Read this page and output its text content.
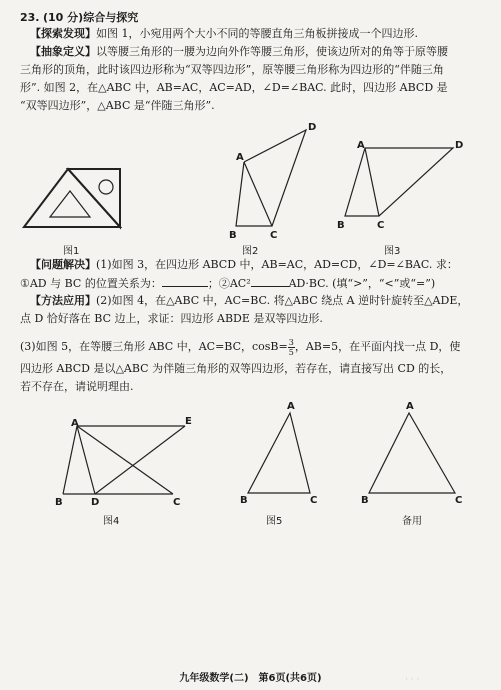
23. (10 分)综合与探究
【探索发现】如图 1，小宛用两个大小不同的等腰直角三角板拼接成一个四边形.
【抽象定义】以等腰三角形的一腰为边向外作等腰三角形，使该边所对的角等于原等腰
三角形的顶角，此时该四边形称为“双等四边形”，原等腰三角形称为四边形的“伴随三角
形”. 如图 2，在△ABC 中，AB=AC，AC=AD，∠D=∠BAC. 此时，四边形 ABCD 是
“双等四边形”，△ABC 是“伴随三角形”.
图1
A
D
B	C
图2
A	D
B	C
图3
【问题解决】(1)如图 3，在四边形 ABCD 中，AB=AC，AD=CD，∠D=∠BAC. 求：
①AD 与 BC 的位置关系为：	；②AC²	AD·BC. (填“>”，“<”或“=”)
【方法应用】(2)如图 4，在△ABC 中，AC=BC. 将△ABC 绕点 A 逆时针旋转至△ADE，
点 D 恰好落在 BC 边上，求证：四边形 ABDE 是双等四边形.
(3)如图 5，在等腰三角形 ABC 中，AC=BC，$\cos B= \frac{3}{5}$ ，AB=5，在平面内找一点 D，使
四边形 ABCD 是以△ABC 为伴随三角形的双等四边形，若存在，请直接写出 CD 的长，
若不存在，请说明理由.
A	E
B	D	C
图4
A
B	C
图5
A
B	C
备用
九年级数学(二)　第6页(共6页)	· · ·
